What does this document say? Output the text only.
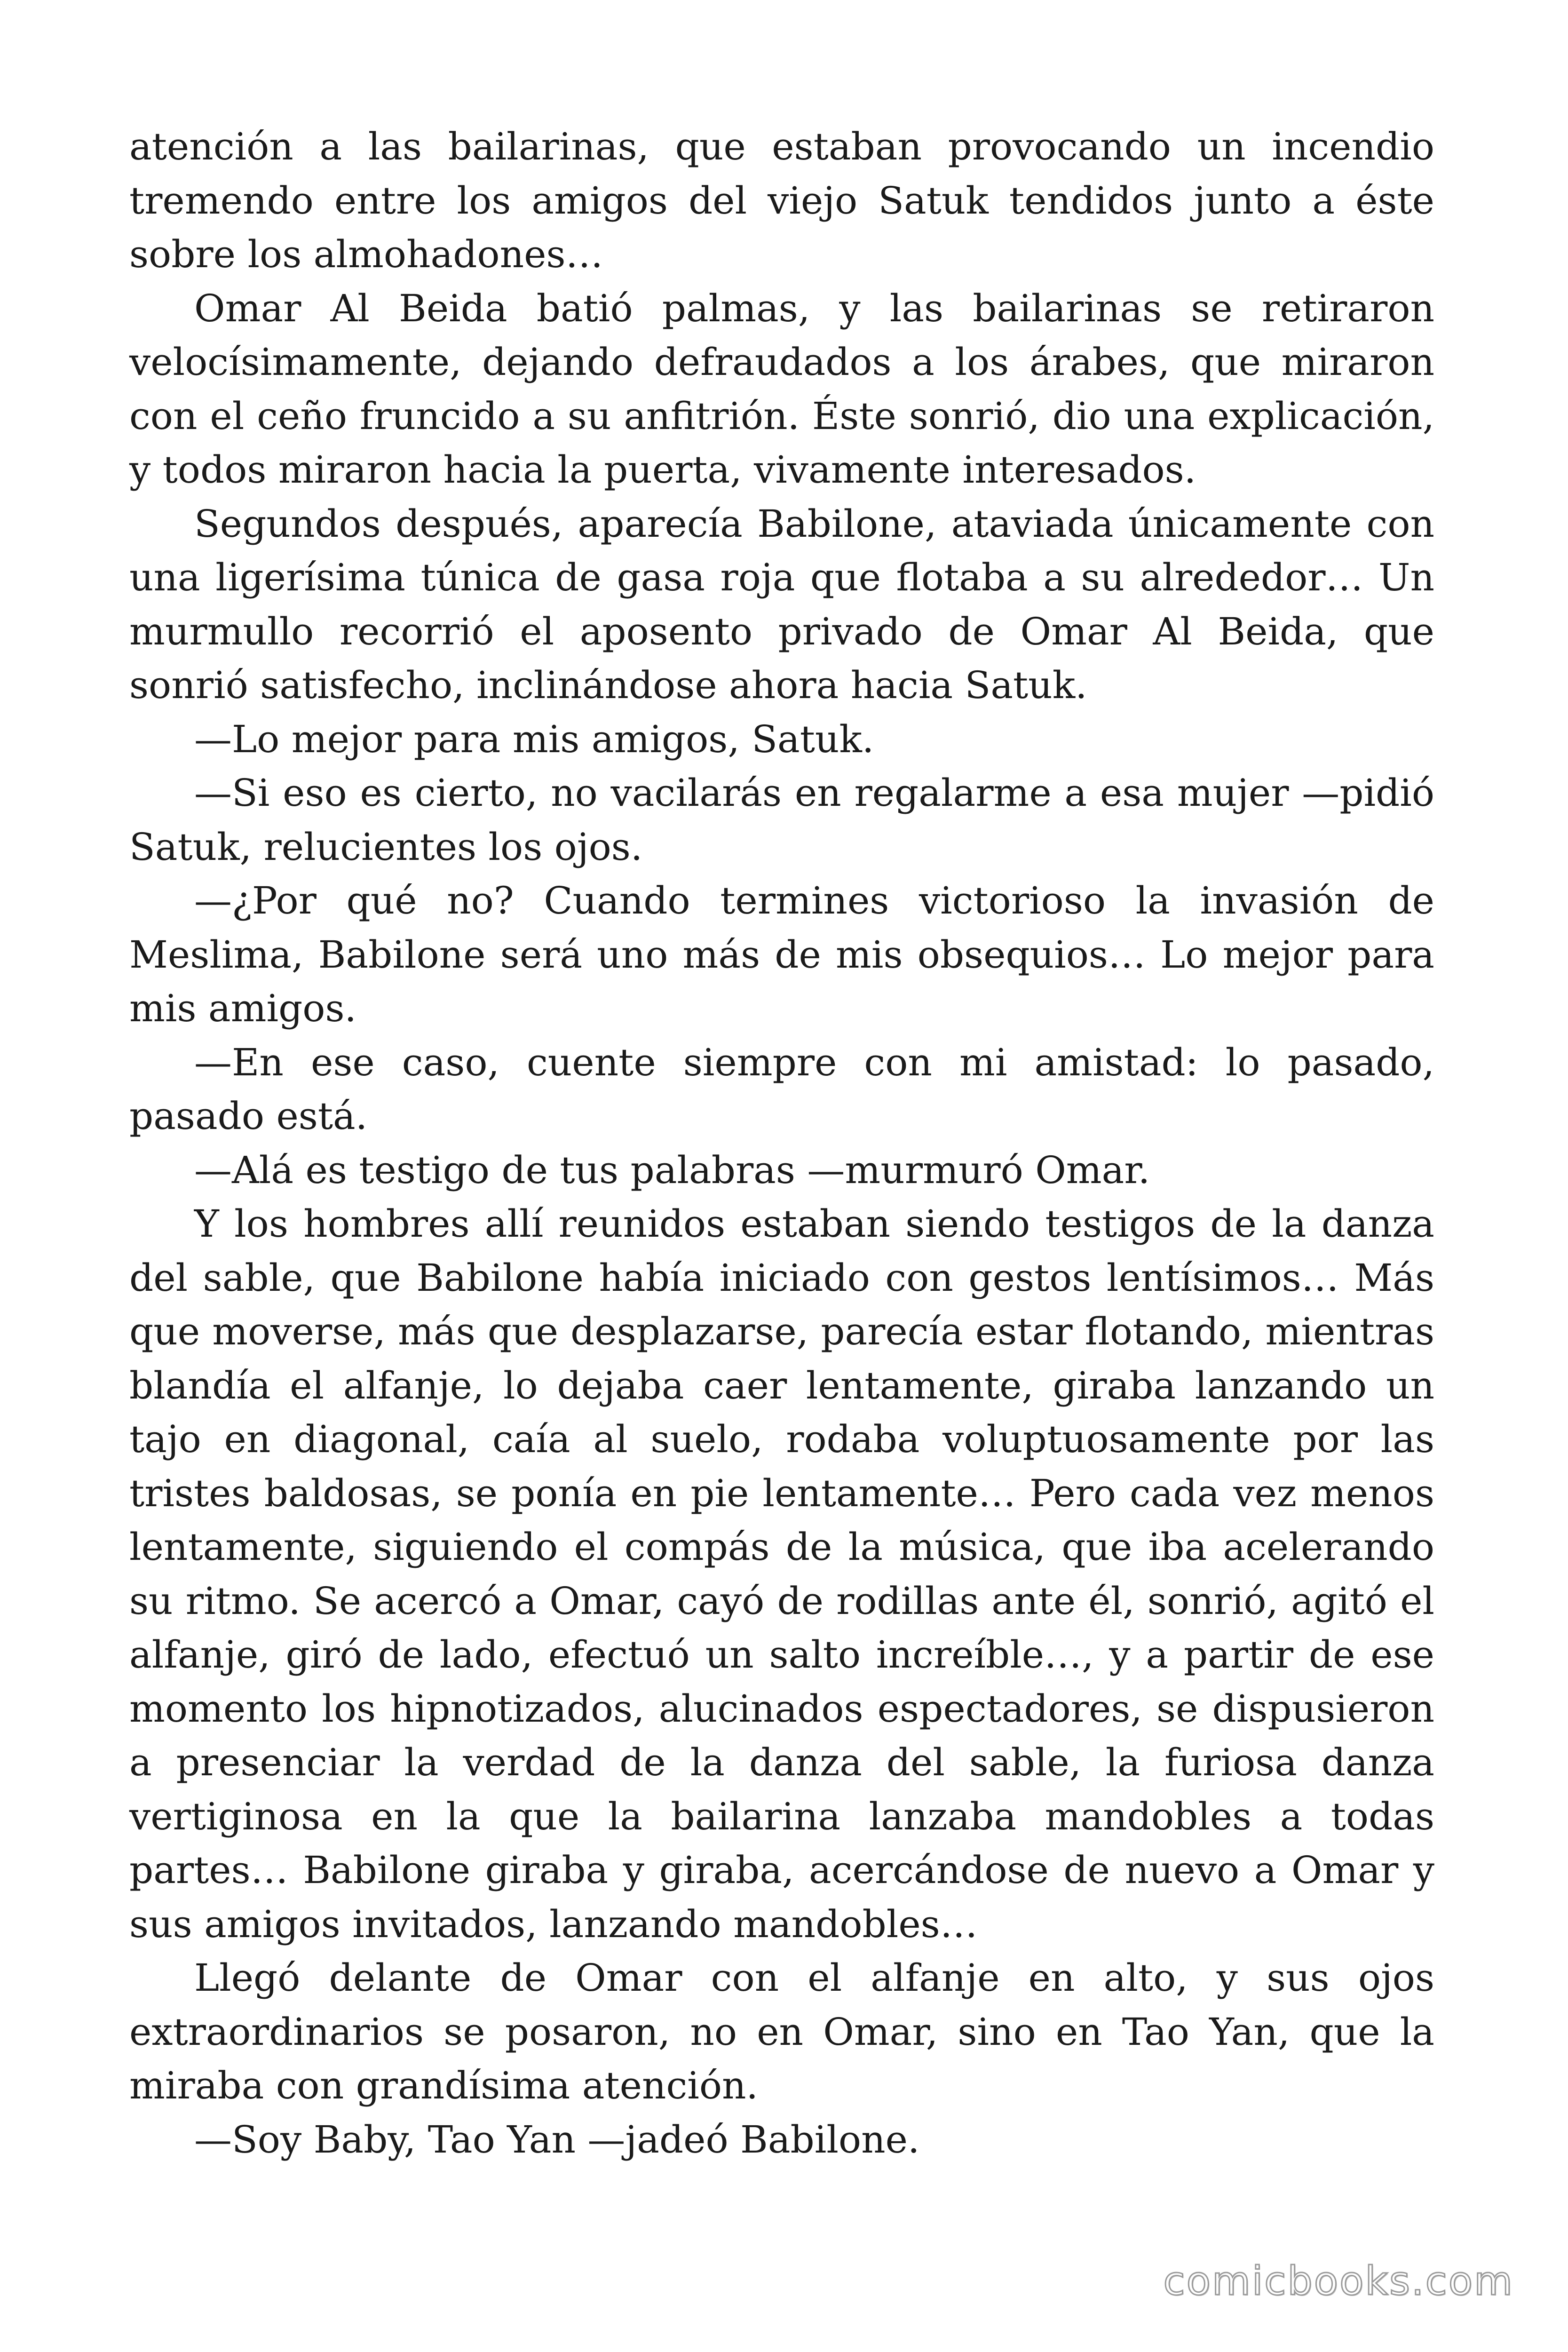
atención a las bailarinas, que estaban provocando un incendio tremendo entre los amigos del viejo Satuk tendidos junto a éste sobre los almohadones…

Omar Al Beida batió palmas, y las bailarinas se retiraron velocísimamente, dejando defraudados a los árabes, que miraron con el ceño fruncido a su anfitrión. Éste sonrió, dio una explicación, y todos miraron hacia la puerta, vivamente interesados.

Segundos después, aparecía Babilone, ataviada únicamente con una ligerísima túnica de gasa roja que flotaba a su alrededor… Un murmullo recorrió el aposento privado de Omar Al Beida, que sonrió satisfecho, inclinándose ahora hacia Satuk.

—Lo mejor para mis amigos, Satuk.

—Si eso es cierto, no vacilarás en regalarme a esa mujer —pidió Satuk, relucientes los ojos.

—¿Por qué no? Cuando termines victorioso la invasión de Meslima, Babilone será uno más de mis obsequios… Lo mejor para mis amigos.

—En ese caso, cuente siempre con mi amistad: lo pasado, pasado está.

—Alá es testigo de tus palabras —murmuró Omar.

Y los hombres allí reunidos estaban siendo testigos de la danza del sable, que Babilone había iniciado con gestos lentísimos… Más que moverse, más que desplazarse, parecía estar flotando, mientras blandía el alfanje, lo dejaba caer lentamente, giraba lanzando un tajo en diagonal, caía al suelo, rodaba voluptuosamente por las tristes baldosas, se ponía en pie lentamente… Pero cada vez menos lentamente, siguiendo el compás de la música, que iba acelerando su ritmo. Se acercó a Omar, cayó de rodillas ante él, sonrió, agitó el alfanje, giró de lado, efectuó un salto increíble…, y a partir de ese momento los hipnotizados, alucinados espectadores, se dispusieron a presenciar la verdad de la danza del sable, la furiosa danza vertiginosa en la que la bailarina lanzaba mandobles a todas partes… Babilone giraba y giraba, acercándose de nuevo a Omar y sus amigos invitados, lanzando mandobles…

Llegó delante de Omar con el alfanje en alto, y sus ojos extraordinarios se posaron, no en Omar, sino en Tao Yan, que la miraba con grandísima atención.

—Soy Baby, Tao Yan —jadeó Babilone.

comicbooks.com
